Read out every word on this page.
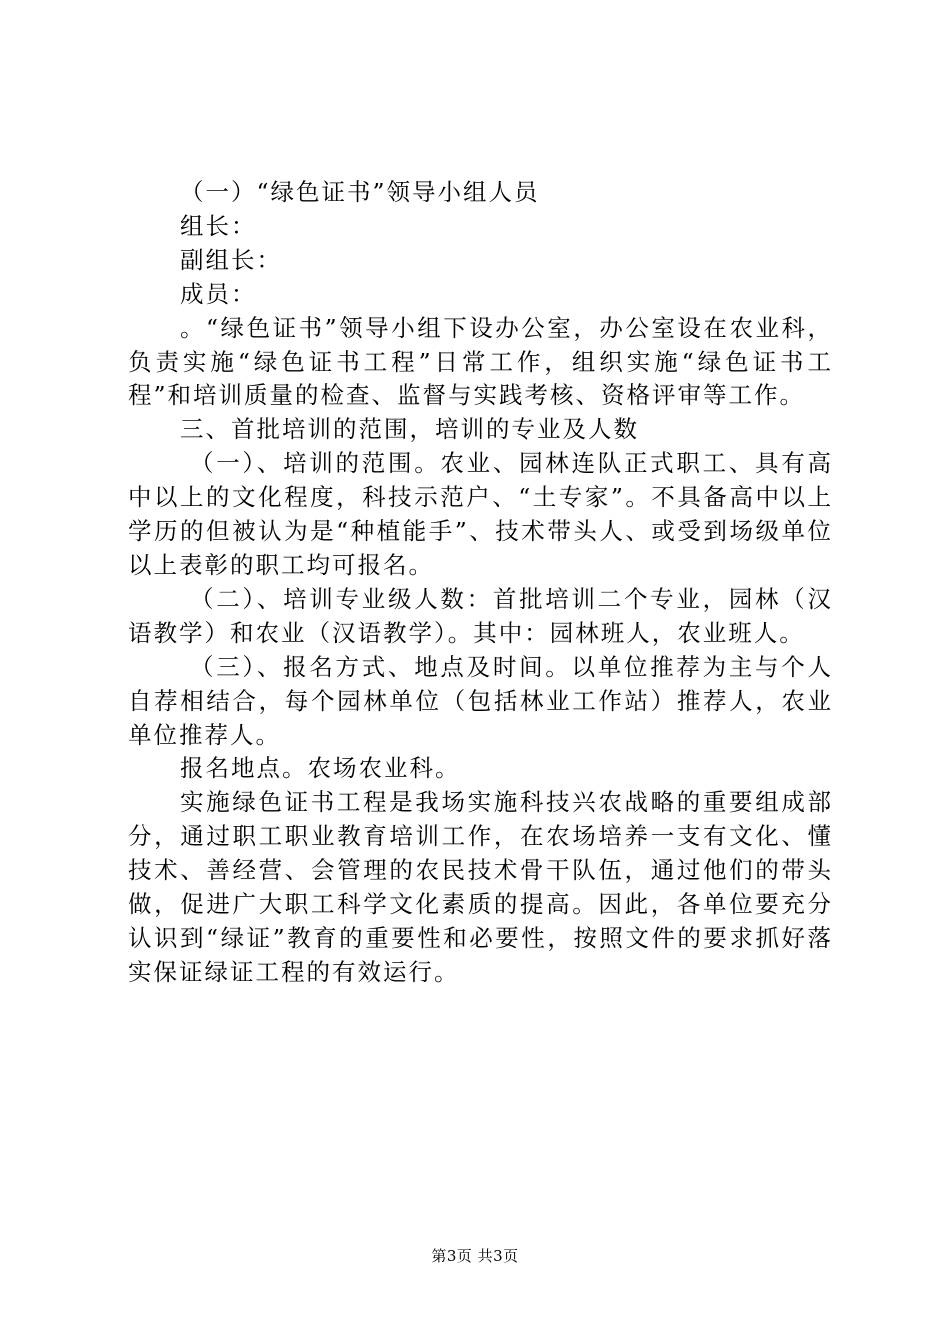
（一）“绿色证书”领导小组人员

组长：

副组长：

成员：

。“绿色证书”领导小组下设办公室，办公室设在农业科，负责实施“绿色证书工程”日常工作，组织实施“绿色证书工程”和培训质量的检查、监督与实践考核、资格评审等工作。

三、首批培训的范围，培训的专业及人数

（一）、培训的范围。农业、园林连队正式职工、具有高中以上的文化程度，科技示范户、“土专家”。不具备高中以上学历的但被认为是“种植能手”、技术带头人、或受到场级单位以上表彰的职工均可报名。

（二）、培训专业级人数：首批培训二个专业，园林（汉语教学）和农业（汉语教学）。其中：园林班人，农业班人。

（三）、报名方式、地点及时间。以单位推荐为主与个人自荐相结合，每个园林单位（包括林业工作站）推荐人，农业单位推荐人。

报名地点。农场农业科。

实施绿色证书工程是我场实施科技兴农战略的重要组成部分，通过职工职业教育培训工作，在农场培养一支有文化、懂技术、善经营、会管理的农民技术骨干队伍，通过他们的带头做，促进广大职工科学文化素质的提高。因此，各单位要充分认识到“绿证”教育的重要性和必要性，按照文件的要求抓好落实保证绿证工程的有效运行。

第3页 共3页
